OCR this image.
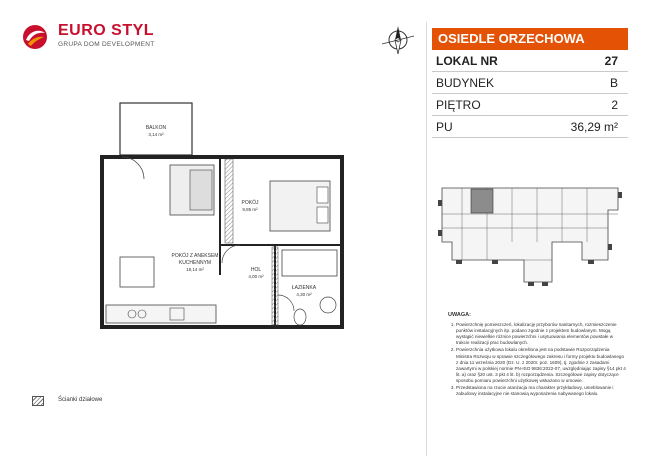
EURO STYL
GRUPA DOM DEVELOPMENT	OSIEDLE ORZECHOWA
LOKAL NR	27
BUDYNEK	B
PIĘTRO	2
PU	36,29 m²
UWAGA:
1. Powierzchnię pomieszczeń, lokalizację przyborów sanitarnych, rozmieszczenie punktów instalacyjnych itp. podano zgodnie z projektem budowlanym. Mogą wystąpić niewielkie różnice powierzchni i usytuowania elementów powstałe w trakcie realizacji prac budowlanych.
2. Powierzchnia użytkowa lokalu określona jest na podstawie Rozporządzenia Ministra Rozwoju w sprawie szczegółowego zakresu i formy projektu budowlanego z dnia 11 września 2020 (Dz. U. z 2020r. poz. 1609), tj. zgodnie z zasadami zawartymi w polskiej normie PN-ISO 9836:2022-07, uwzględniając zapisy §14 pkt 4 lit. a) oraz §20 ust. 3 pkt 4 lit. b) rozporządzenia. Szczegółowe zapisy dotyczące sposobu pomiaru powierzchni użytkowej wskazano w umowie.
3. Przedstawiona na rzucie aranżacja ma charakter przykładowy, umeblowanie i zabudowy instalacyjne nie stanowią wyposażenia nabywanego lokalu.
BALKON
3,14 m²
POKÓJ
9,85 m²
POKÓJ Z ANEKSEM
KUCHENNYM
18,14 m²	HOL
4,00 m²
ŁAZIENKA
4,30 m²
Ścianki działowe
